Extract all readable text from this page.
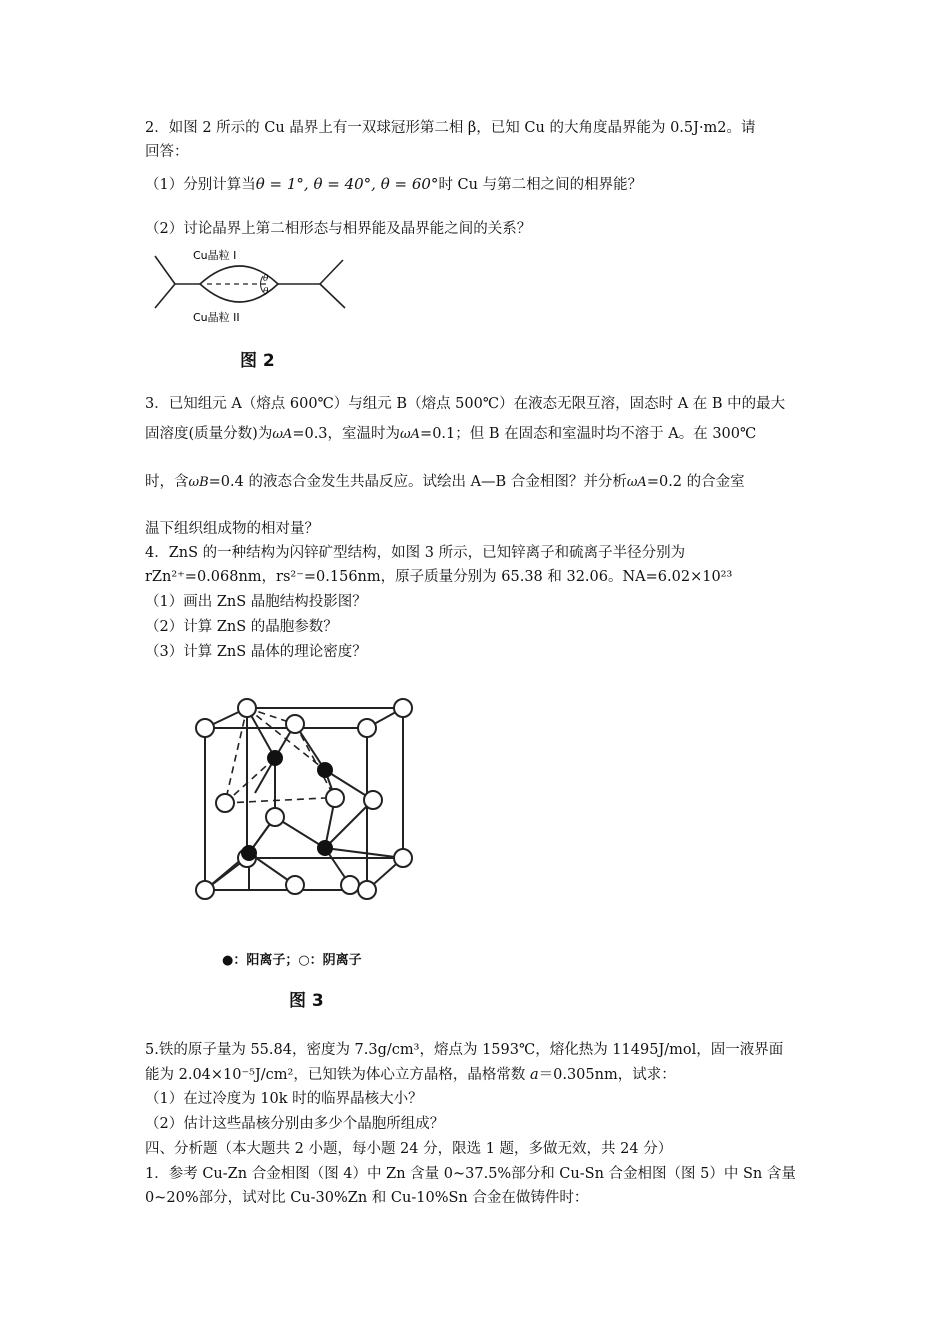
2．如图 2 所示的 Cu 晶界上有一双球冠形第二相 β，已知 Cu 的大角度晶界能为 0.5J·m2。请
回答：
（1）分别计算当θ = 1°, θ = 40°, θ = 60°时 Cu 与第二相之间的相界能？
（2）讨论晶界上第二相形态与相界能及晶界能之间的关系？
Cu晶粒 I
Cu晶粒 II
θ
θ
图 2
3．已知组元 A（熔点 600℃）与组元 B（熔点 500℃）在液态无限互溶，固态时 A 在 B 中的最大
固溶度(质量分数)为ωA=0.3，室温时为ωA=0.1；但 B 在固态和室温时均不溶于 A。在 300℃
时，含ωB=0.4 的液态合金发生共晶反应。试绘出 A—B 合金相图？并分析ωA=0.2 的合金室
温下组织组成物的相对量？
4．ZnS 的一种结构为闪锌矿型结构，如图 3 所示，已知锌离子和硫离子半径分别为
rZn²⁺=0.068nm，rs²⁻=0.156nm，原子质量分别为 65.38 和 32.06。NA=6.02×10²³
（1）画出 ZnS 晶胞结构投影图？
（2）计算 ZnS 的晶胞参数？
（3）计算 ZnS 晶体的理论密度？
●：阳离子；○：阴离子
图 3
5.铁的原子量为 55.84，密度为 7.3g/cm³，熔点为 1593℃，熔化热为 11495J/mol，固一液界面
能为 2.04×10⁻⁵J/cm²，已知铁为体心立方晶格，晶格常数 a＝0.305nm，试求：
（1）在过冷度为 10k 时的临界晶核大小？
（2）估计这些晶核分别由多少个晶胞所组成？
四、分析题（本大题共 2 小题，每小题 24 分，限选 1 题，多做无效，共 24 分）
1．参考 Cu-Zn 合金相图（图 4）中 Zn 含量 0~37.5%部分和 Cu-Sn 合金相图（图 5）中 Sn 含量
0~20%部分，试对比 Cu-30%Zn 和 Cu-10%Sn 合金在做铸件时：
